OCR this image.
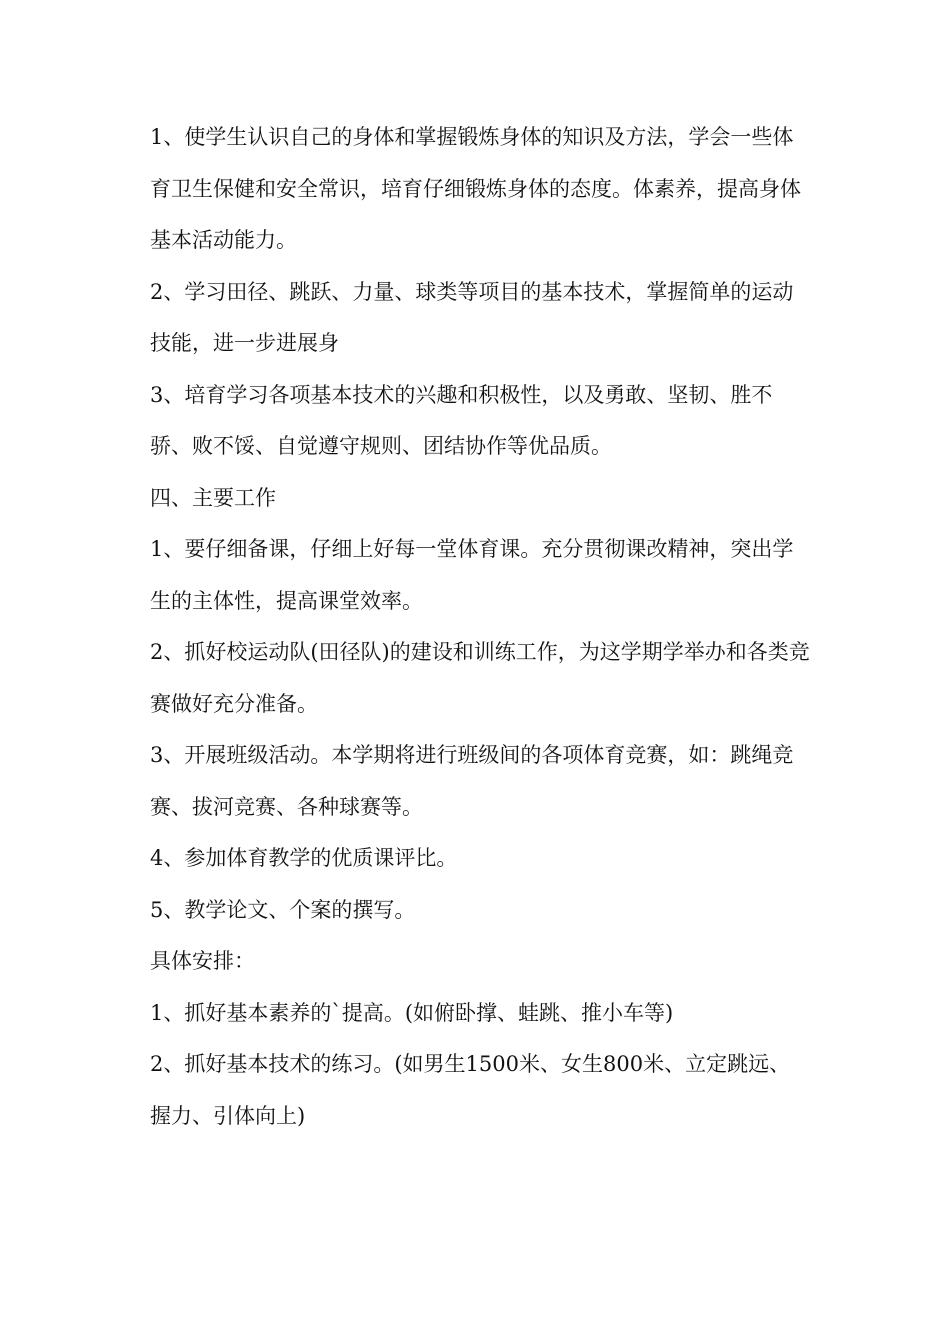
1、使学生认识自己的身体和掌握锻炼身体的知识及方法，学会一些体育卫生保健和安全常识，培育仔细锻炼身体的态度。体素养，提高身体基本活动能力。

2、学习田径、跳跃、力量、球类等项目的基本技术，掌握简单的运动技能，进一步进展身

3、培育学习各项基本技术的兴趣和积极性，以及勇敢、坚韧、胜不骄、败不馁、自觉遵守规则、团结协作等优品质。

四、主要工作

1、要仔细备课，仔细上好每一堂体育课。充分贯彻课改精神，突出学生的主体性，提高课堂效率。

2、抓好校运动队(田径队)的建设和训练工作，为这学期学举办和各类竞赛做好充分准备。

3、开展班级活动。本学期将进行班级间的各项体育竞赛，如：跳绳竞赛、拔河竞赛、各种球赛等。

4、参加体育教学的优质课评比。

5、教学论文、个案的撰写。

具体安排：

1、抓好基本素养的`提高。(如俯卧撑、蛙跳、推小车等)

2、抓好基本技术的练习。(如男生1500米、女生800米、立定跳远、握力、引体向上)
